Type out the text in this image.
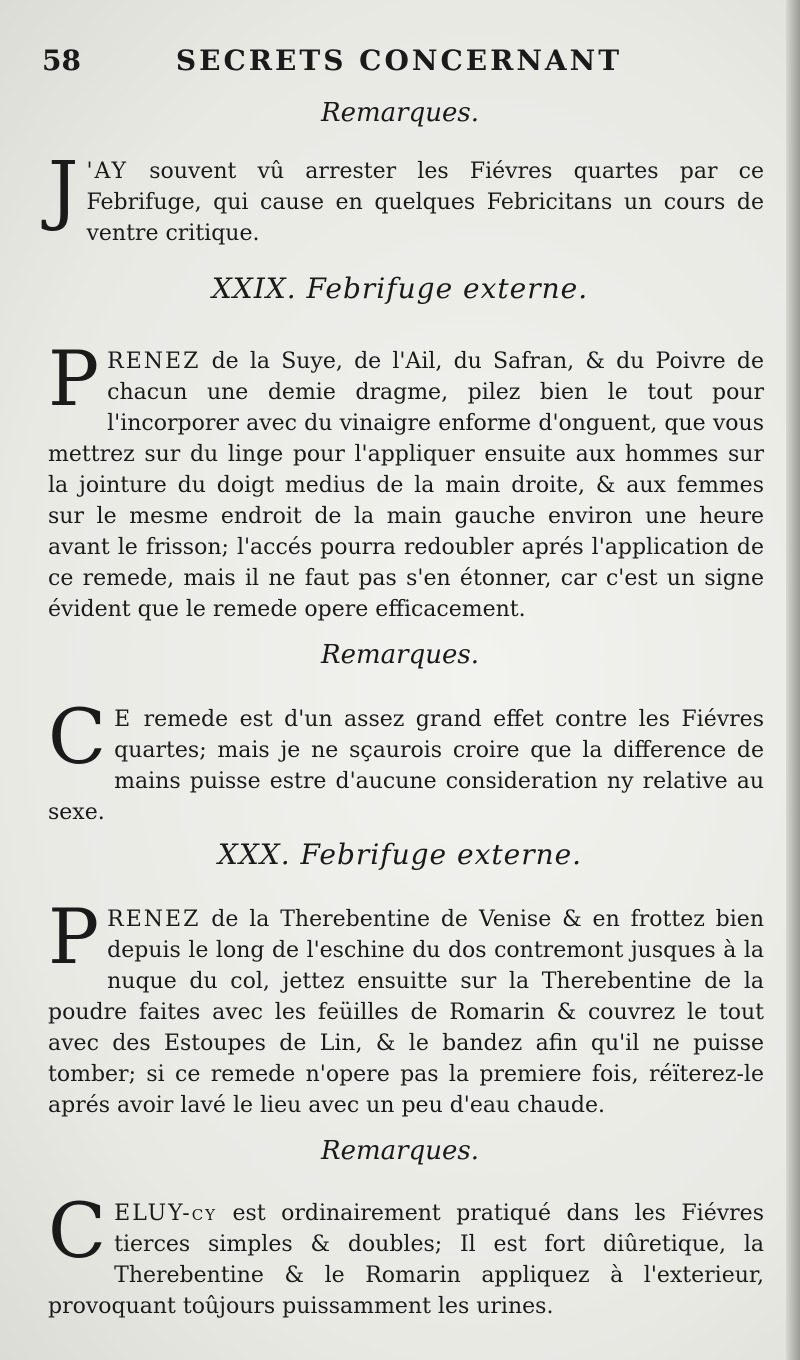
58	SECRETS CONCERNANT
Remarques.

J 'AY souvent vû arrester les Fiévres quartes par ce Febrifuge, qui cause en quelques Febricitans un cours de ventre critique.

XXIX. Febrifuge externe.

PRENEZ de la Suye, de l'Ail, du Safran, & du Poivre de chacun une demie dragme, pilez bien le tout pour l'incorporer avec du vinaigre enforme d'onguent, que vous mettrez sur du linge pour l'appliquer ensuite aux hommes sur la jointure du doigt medius de la main droite, & aux femmes sur le mesme endroit de la main gauche environ une heure avant le frisson; l'accés pourra redoubler aprés l'application de ce remede, mais il ne faut pas s'en étonner, car c'est un signe évident que le remede opere efficacement.

Remarques.

C E remede est d'un assez grand effet contre les Fiévres quartes; mais je ne sçaurois croire que la difference de mains puisse estre d'aucune consideration ny relative au sexe.

XXX. Febrifuge externe.

PRENEZ de la Therebentine de Venise & en frottez bien depuis le long de l'eschine du dos contremont jusques à la nuque du col, jettez ensuitte sur la Therebentine de la poudre faites avec les feüilles de Romarin & couvrez le tout avec des Estoupes de Lin, & le bandez afin qu'il ne puisse tomber; si ce remede n'opere pas la premiere fois, réïterez-le aprés avoir lavé le lieu avec un peu d'eau chaude.

Remarques.

CELUY-cy est ordinairement pratiqué dans les Fiévres tierces simples & doubles; Il est fort diûretique, la Therebentine & le Romarin appliquez à l'exterieur, provoquant toûjours puissamment les urines.
